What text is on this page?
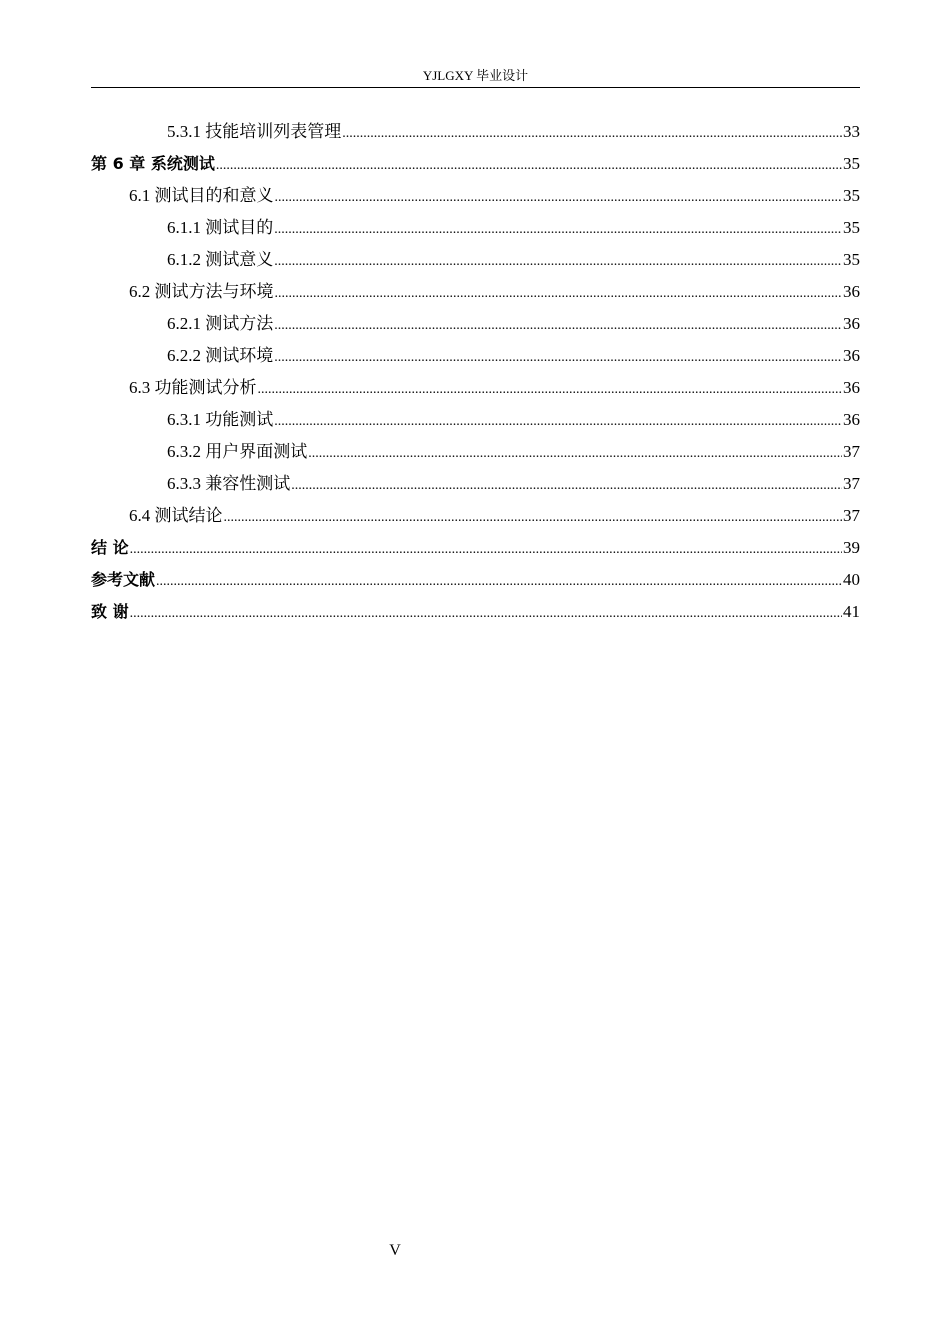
YJLGXY 毕业设计
5.3.1 技能培训列表管理 .....	33
第 6 章 系统测试 .....	35
6.1 测试目的和意义 .....	35
6.1.1 测试目的 .....	35
6.1.2 测试意义 .....	35
6.2 测试方法与环境 .....	36
6.2.1 测试方法 .....	36
6.2.2 测试环境 .....	36
6.3 功能测试分析 .....	36
6.3.1 功能测试 .....	36
6.3.2 用户界面测试 .....	37
6.3.3 兼容性测试 .....	37
6.4 测试结论 .....	37
结 论 .....	39
参考文献 .....	40
致 谢 .....	41
V
